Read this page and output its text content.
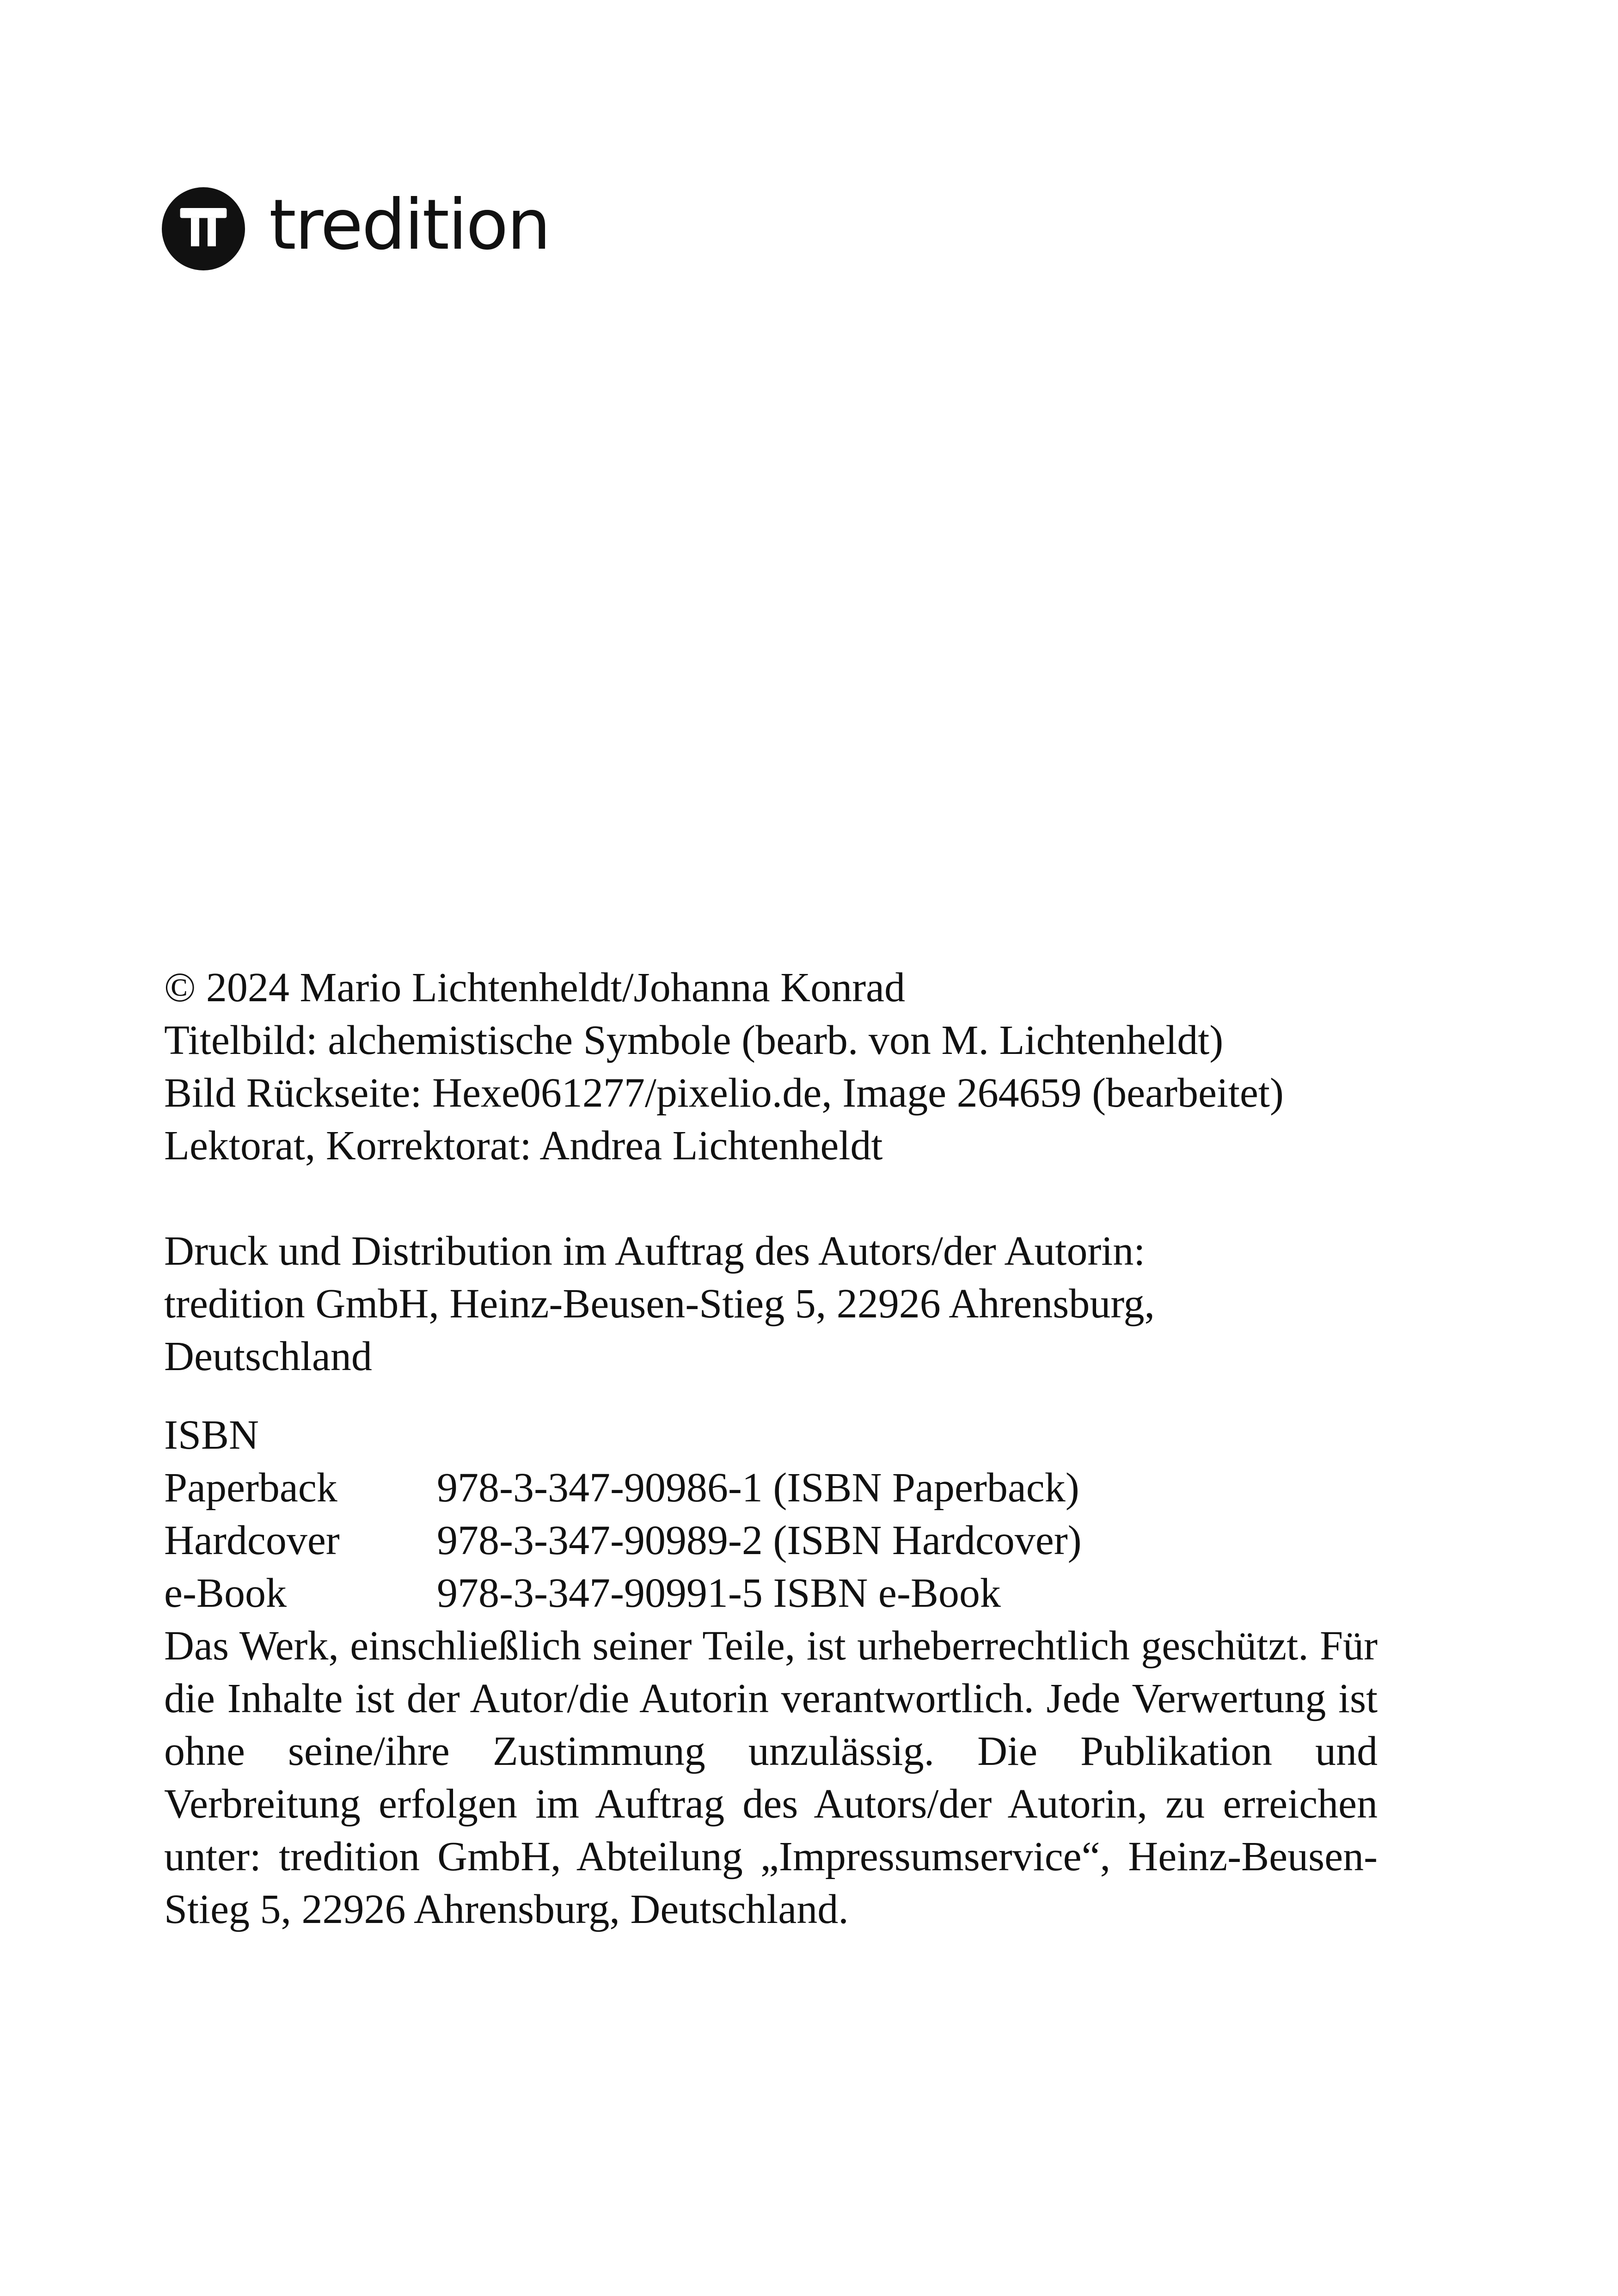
tredition

© 2024 Mario Lichtenheldt/Johanna Konrad

Titelbild: alchemistische Symbole (bearb. von M. Lichtenheldt)

Bild Rückseite: Hexe061277/pixelio.de, Image 264659 (bearbeitet)

Lektorat, Korrektorat: Andrea Lichtenheldt

Druck und Distribution im Auftrag des Autors/der Autorin:

tredition GmbH, Heinz-Beusen-Stieg 5, 22926 Ahrensburg,

Deutschland

ISBN

Paperback	978-3-347-90986-1 (ISBN Paperback)
Hardcover	978-3-347-90989-2 (ISBN Hardcover)
e-Book	978-3-347-90991-5 ISBN e-Book

Das Werk, einschließlich seiner Teile, ist urheberrechtlich geschützt. Für die Inhalte ist der Autor/die Autorin verantwortlich. Jede Verwertung ist ohne seine/ihre Zustimmung unzulässig. Die Publikation und Verbreitung erfolgen im Auftrag des Autors/der Autorin, zu erreichen unter: tredition GmbH, Abteilung „Impressumservice“, Heinz-Beusen-Stieg 5, 22926 Ahrensburg, Deutschland.
